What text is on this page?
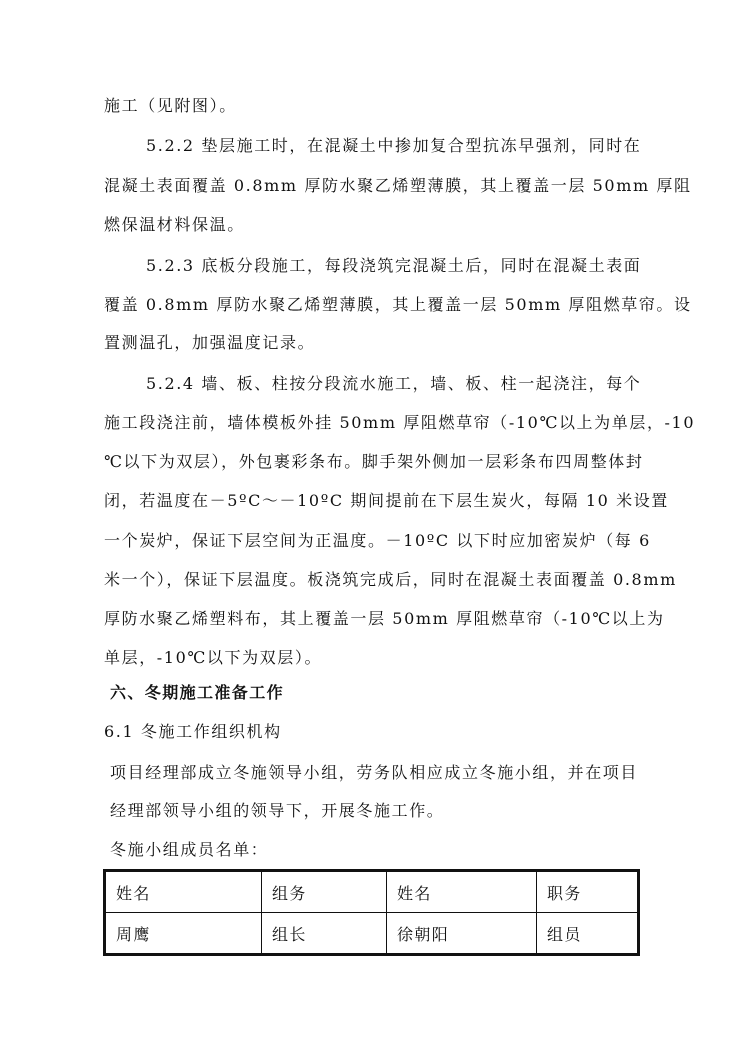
施工（见附图）。
5.2.2 垫层施工时，在混凝土中掺加复合型抗冻早强剂，同时在
混凝土表面覆盖 0.8mm 厚防水聚乙烯塑薄膜，其上覆盖一层 50mm 厚阻
燃保温材料保温。
5.2.3 底板分段施工，每段浇筑完混凝土后，同时在混凝土表面
覆盖 0.8mm 厚防水聚乙烯塑薄膜，其上覆盖一层 50mm 厚阻燃草帘。设
置测温孔，加强温度记录。
5.2.4 墙、板、柱按分段流水施工，墙、板、柱一起浇注，每个
施工段浇注前，墙体模板外挂 50mm 厚阻燃草帘（-10℃以上为单层，-10
℃以下为双层），外包裹彩条布。脚手架外侧加一层彩条布四周整体封
闭，若温度在－5ºC～－10ºC 期间提前在下层生炭火，每隔 10 米设置
一个炭炉，保证下层空间为正温度。－10ºC 以下时应加密炭炉（每 6
米一个），保证下层温度。板浇筑完成后，同时在混凝土表面覆盖 0.8mm
厚防水聚乙烯塑料布，其上覆盖一层 50mm 厚阻燃草帘（-10℃以上为
单层，-10℃以下为双层）。
六、冬期施工准备工作
6.1 冬施工作组织机构
项目经理部成立冬施领导小组，劳务队相应成立冬施小组，并在项目
经理部领导小组的领导下，开展冬施工作。
冬施小组成员名单：
姓名	组务	姓名	职务
周鹰	组长	徐朝阳	组员
